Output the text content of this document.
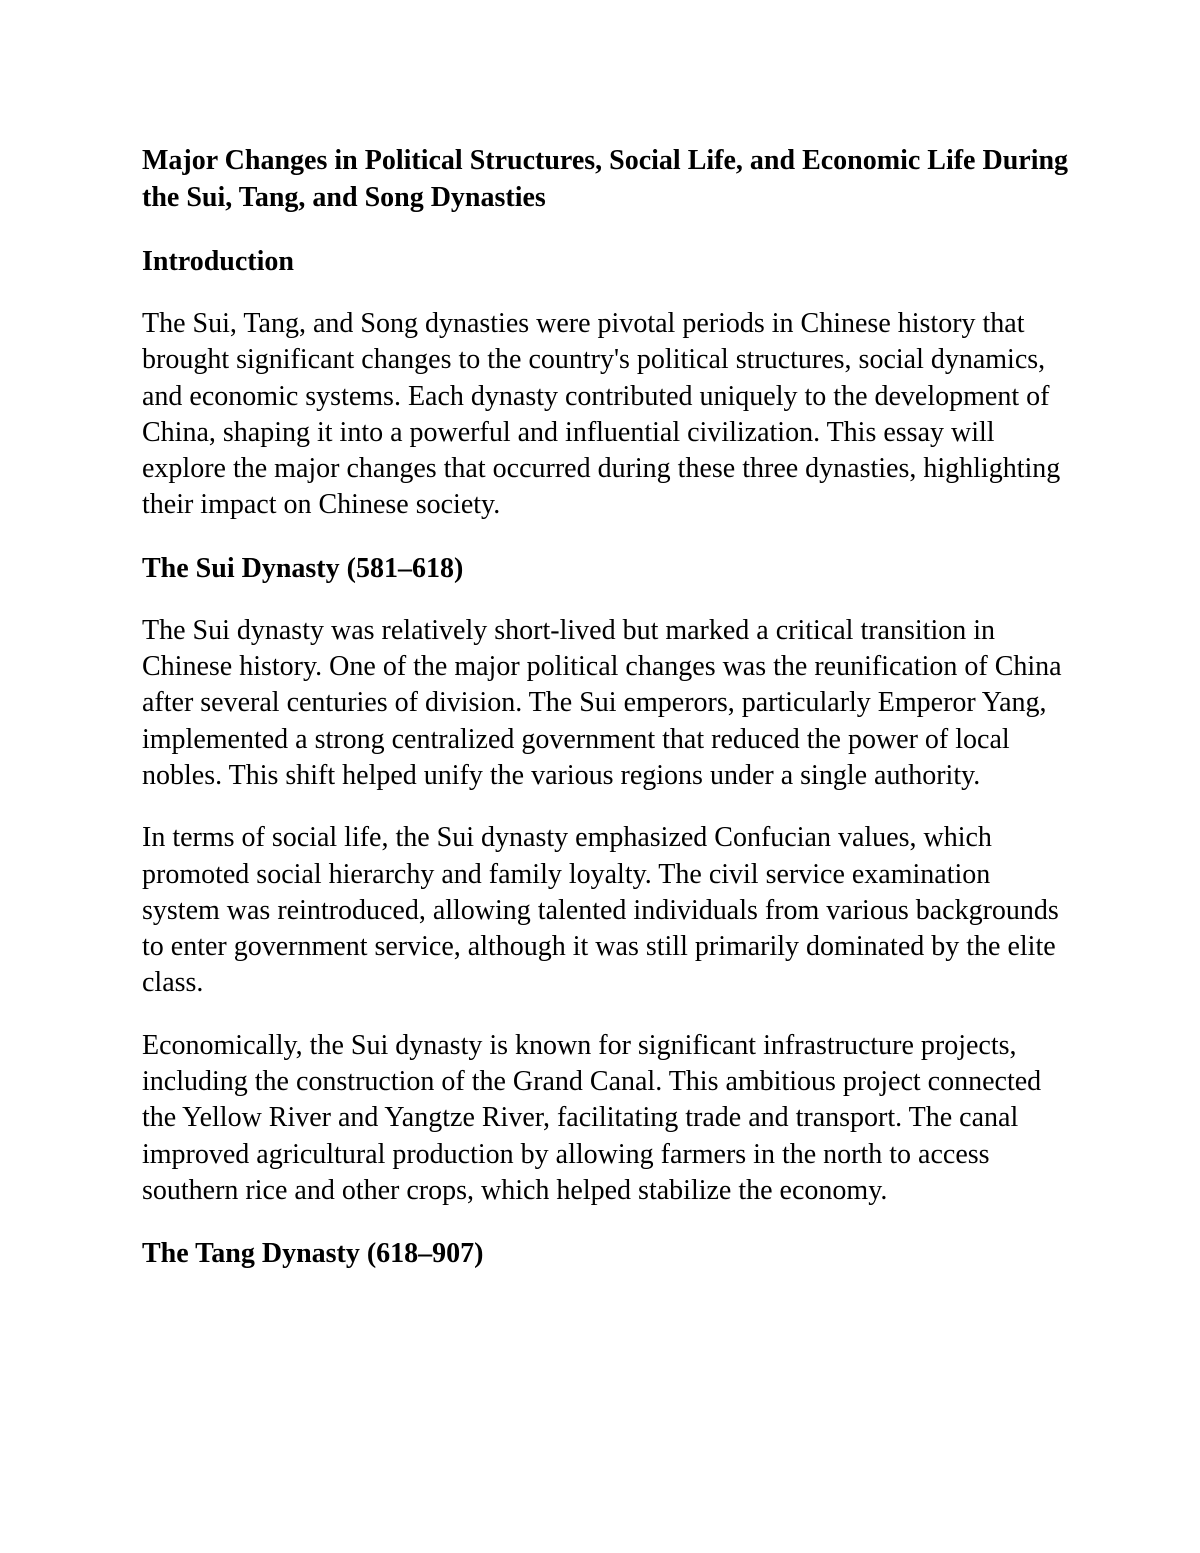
Major Changes in Political Structures, Social Life, and Economic Life During the Sui, Tang, and Song Dynasties
Introduction

The Sui, Tang, and Song dynasties were pivotal periods in Chinese history that brought significant changes to the country's political structures, social dynamics, and economic systems. Each dynasty contributed uniquely to the development of China, shaping it into a powerful and influential civilization. This essay will explore the major changes that occurred during these three dynasties, highlighting their impact on Chinese society.

The Sui Dynasty (581–618)

The Sui dynasty was relatively short-lived but marked a critical transition in Chinese history. One of the major political changes was the reunification of China after several centuries of division. The Sui emperors, particularly Emperor Yang, implemented a strong centralized government that reduced the power of local nobles. This shift helped unify the various regions under a single authority.

In terms of social life, the Sui dynasty emphasized Confucian values, which promoted social hierarchy and family loyalty. The civil service examination system was reintroduced, allowing talented individuals from various backgrounds to enter government service, although it was still primarily dominated by the elite class.

Economically, the Sui dynasty is known for significant infrastructure projects, including the construction of the Grand Canal. This ambitious project connected the Yellow River and Yangtze River, facilitating trade and transport. The canal improved agricultural production by allowing farmers in the north to access southern rice and other crops, which helped stabilize the economy.

The Tang Dynasty (618–907)
